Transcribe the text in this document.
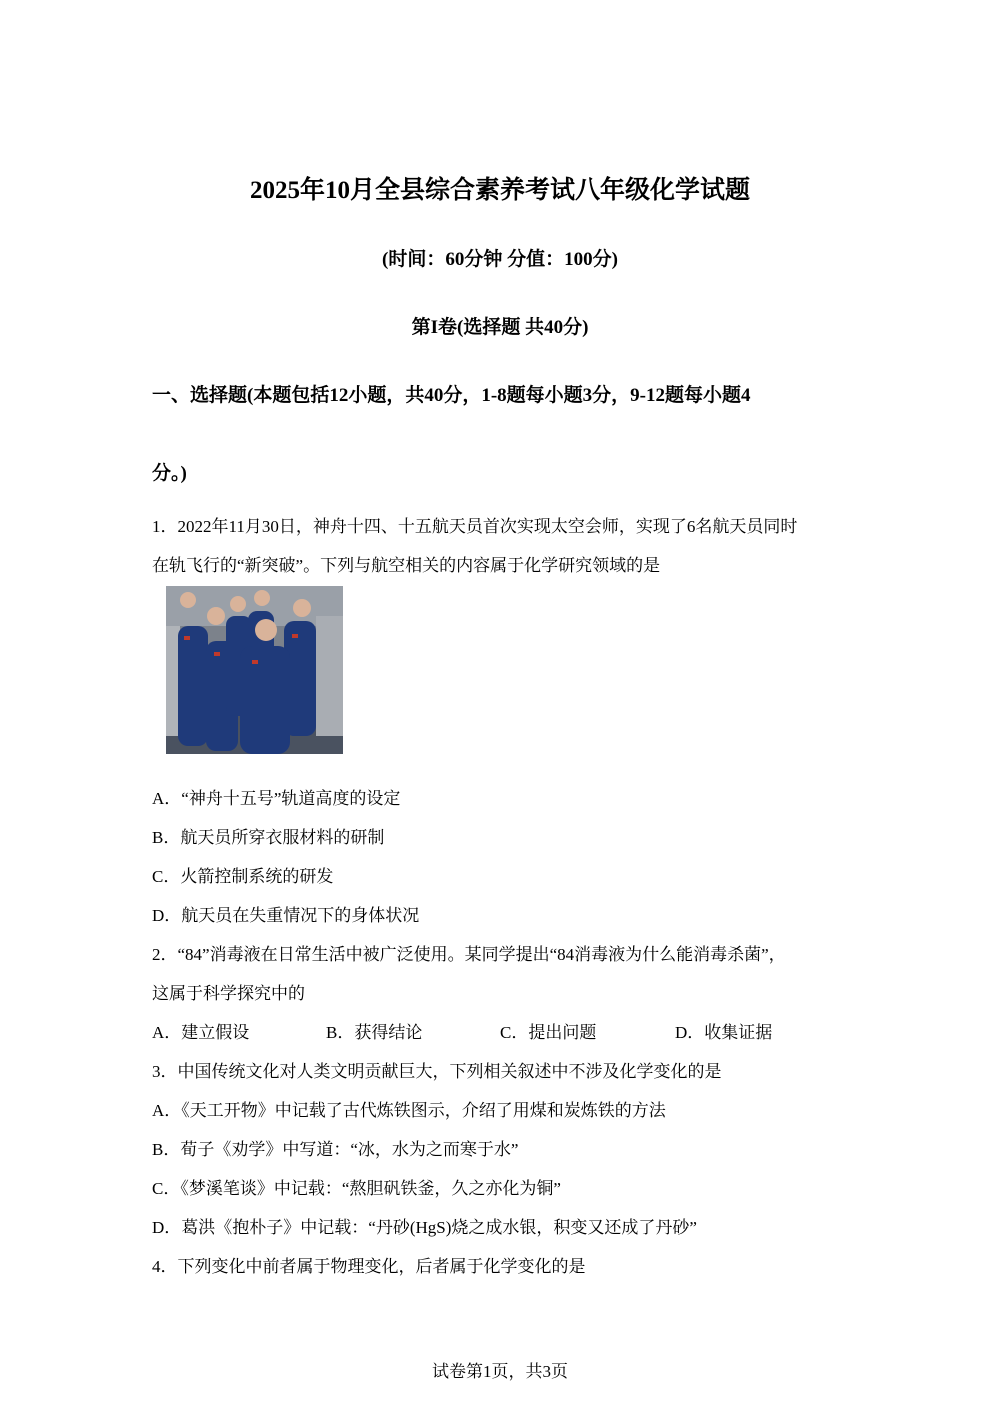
2025年10月全县综合素养考试八年级化学试题
(时间：60分钟 分值：100分)
第I卷(选择题 共40分)
一、选择题(本题包括12小题，共40分，1-8题每小题3分，9-12题每小题4
分。)
1．2022年11月30日，神舟十四、十五航天员首次实现太空会师，实现了6名航天员同时
在轨飞行的“新突破”。下列与航空相关的内容属于化学研究领域的是
A．“神舟十五号”轨道高度的设定
B．航天员所穿衣服材料的研制
C．火箭控制系统的研发
D．航天员在失重情况下的身体状况
2．“84”消毒液在日常生活中被广泛使用。某同学提出“84消毒液为什么能消毒杀菌”，
这属于科学探究中的
A．建立假设	B．获得结论	C．提出问题	D．收集证据
3．中国传统文化对人类文明贡献巨大，下列相关叙述中不涉及化学变化的是
A．《天工开物》中记载了古代炼铁图示，介绍了用煤和炭炼铁的方法
B．荀子《劝学》中写道：“冰，水为之而寒于水”
C．《梦溪笔谈》中记载：“熬胆矾铁釜，久之亦化为铜”
D．葛洪《抱朴子》中记载：“丹砂(HgS)烧之成水银，积变又还成了丹砂”
4．下列变化中前者属于物理变化，后者属于化学变化的是
试卷第1页，共3页
